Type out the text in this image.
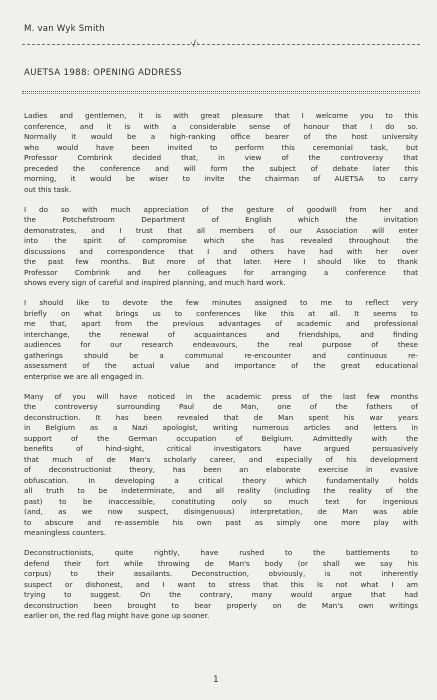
M. van Wyk Smith
·/·
AUETSA 1988: OPENING ADDRESS
Ladies and gentlemen, it is with great pleasure that I welcome you to this
conference, and it is with a considerable sense of honour that I do so.
Normally it would be a high-ranking office bearer of the host university
who would have been invited to perform this ceremonial task, but
Professor Combrink decided that, in view of the controversy that
preceded the conference and will form the subject of debate later this
morning, it would be wiser to invite the chairman of AUETSA to carry
out this task.
I do so with much appreciation of the gesture of goodwill from her and
the Potchefstroom Department of English which the invitation
demonstrates, and I trust that all members of our Association will enter
into the spirit of compromise which she has revealed throughout the
discussions and correspondence that I and others have had with her over
the past few months. But more of that later. Here I should like to thank
Professor Combrink and her colleagues for arranging a conference that
shows every sign of careful and inspired planning, and much hard work.
I should like to devote the few minutes assigned to me to reflect very
briefly on what brings us to conferences like this at all. It seems to
me that, apart from the previous advantages of academic and professional
interchange, the renewal of acquaintances and friendships, and finding
audiences for our research endeavours, the real purpose of these
gatherings should be a communal re-encounter and continuous re-
assessment of the actual value and importance of the great educational
enterprise we are all engaged in.
Many of you will have noticed in the academic press of the last few months
the controversy surrounding Paul de Man, one of the fathers of
deconstruction. It has been revealed that de Man spent his war years
in Belgium as a Nazi apologist, writing numerous articles and letters in
support of the German occupation of Belgium. Admittedly with the
benefits of hind-sight, critical investigators have argued persuasively
that much of de Man's scholarly career, and especially of his development
of deconstructionist theory, has been an elaborate exercise in evasive
obfuscation. In developing a critical theory which fundamentally holds
all truth to be indeterminate, and all reality (including the reality of the
past) to be inaccessible, constituting only so much text for ingenious
(and, as we now suspect, disingenuous) interpretation, de Man was able
to abscure and re-assemble his own past as simply one more play with
meaningless counters.
Deconstructionists, quite rightly, have rushed to the battlements to
defend their fort while throwing de Man's body (or shall we say his
corpus) to their assailants. Deconstruction, obviously, is not inherently
suspect or dishonest, and I want to stress that this is not what I am
trying to suggest. On the contrary, many would argue that had
deconstruction been brought to bear properly on de Man's own writings
earlier on, the red flag might have gone up sooner.
1
